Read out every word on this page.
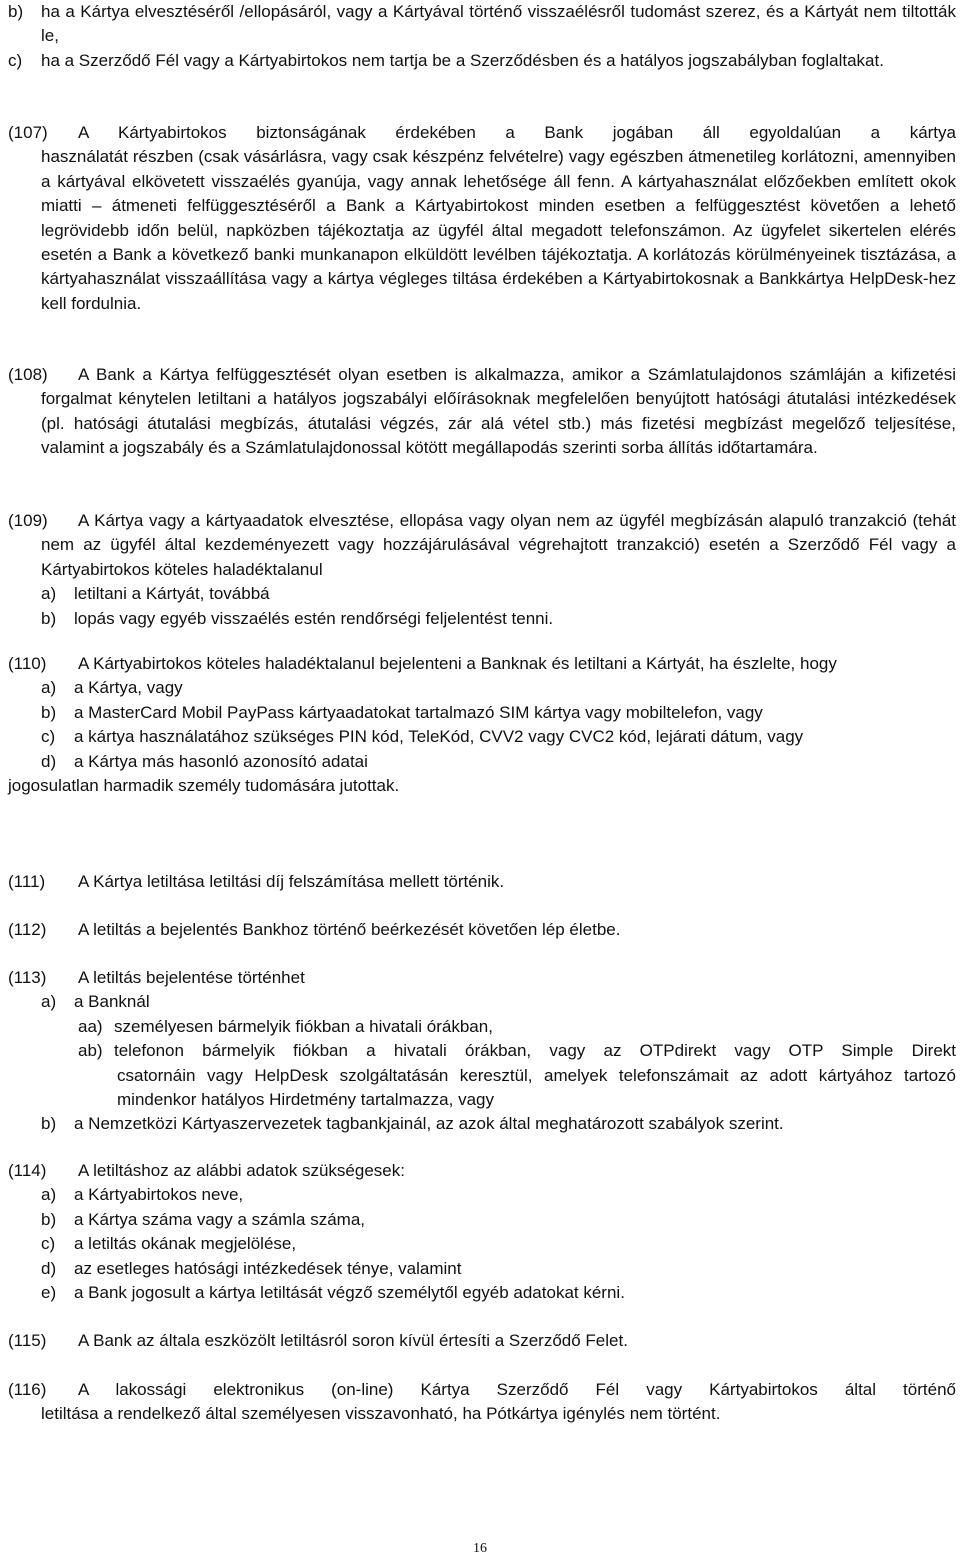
b)	ha a Kártya elvesztéséről /ellopásáról, vagy a Kártyával történő visszaélésről tudomást szerez, és a Kártyát nem tiltották le,
c)	ha a Szerződő Fél vagy a Kártyabirtokos nem tartja be a Szerződésben és a hatályos jogszabályban foglaltakat.
(107)	A Kártyabirtokos biztonságának érdekében a Bank jogában áll egyoldalúan a kártya
használatát részben (csak vásárlásra, vagy csak készpénz felvételre) vagy egészben átmenetileg korlátozni, amennyiben a kártyával elkövetett visszaélés gyanúja, vagy annak lehetősége áll fenn. A kártyahasználat előzőekben említett okok miatti – átmeneti felfüggesztéséről a Bank a Kártyabirtokost minden esetben a felfüggesztést követően a lehető legrövidebb időn belül, napközben tájékoztatja az ügyfél által megadott telefonszámon. Az ügyfelet sikertelen elérés esetén a Bank a következő banki munkanapon elküldött levélben tájékoztatja. A korlátozás körülményeinek tisztázása, a kártyahasználat visszaállítása vagy a kártya végleges tiltása érdekében a Kártyabirtokosnak a Bankkártya HelpDesk-hez kell fordulnia.
(108)	A Bank a Kártya felfüggesztését olyan esetben is alkalmazza, amikor a Számlatulajdonos számláján a kifizetési forgalmat kénytelen letiltani a hatályos jogszabályi előírásoknak megfelelően benyújtott hatósági átutalási intézkedések (pl. hatósági átutalási megbízás, átutalási végzés, zár alá vétel stb.) más fizetési megbízást megelőző teljesítése, valamint a jogszabály és a Számlatulajdonossal kötött megállapodás szerinti sorba állítás időtartamára.
(109)	A Kártya vagy a kártyaadatok elvesztése, ellopása vagy olyan nem az ügyfél megbízásán alapuló tranzakció (tehát nem az ügyfél által kezdeményezett vagy hozzájárulásával végrehajtott tranzakció) esetén a Szerződő Fél vagy a Kártyabirtokos köteles haladéktalanul
a)	letiltani a Kártyát, továbbá
b)	lopás vagy egyéb visszaélés estén rendőrségi feljelentést tenni.
(110)	A Kártyabirtokos köteles haladéktalanul bejelenteni a Banknak és letiltani a Kártyát, ha észlelte, hogy
a)	a Kártya, vagy
b)	a MasterCard Mobil PayPass kártyaadatokat tartalmazó SIM kártya vagy mobiltelefon, vagy
c)	a kártya használatához szükséges PIN kód, TeleKód, CVV2 vagy CVC2 kód, lejárati dátum, vagy
d)	a Kártya más hasonló azonosító adatai
jogosulatlan harmadik személy tudomására jutottak.
(111)	A Kártya letiltása letiltási díj felszámítása mellett történik.
(112)	A letiltás a bejelentés Bankhoz történő beérkezését követően lép életbe.
(113)	A letiltás bejelentése történhet
a)	a Banknál
aa) személyesen bármelyik fiókban a hivatali órákban,
ab) telefonon bármelyik fiókban a hivatali órákban, vagy az OTPdirekt vagy OTP Simple Direkt
csatornáin vagy HelpDesk szolgáltatásán keresztül, amelyek telefonszámait az adott kártyához tartozó mindenkor hatályos Hirdetmény tartalmazza, vagy
b)	a Nemzetközi Kártyaszervezetek tagbankjainál, az azok által meghatározott szabályok szerint.
(114)	A letiltáshoz az alábbi adatok szükségesek:
a)	a Kártyabirtokos neve,
b)	a Kártya száma vagy a számla száma,
c)	a letiltás okának megjelölése,
d)	az esetleges hatósági intézkedések ténye, valamint
e)	a Bank jogosult a kártya letiltását végző személytől egyéb adatokat kérni.
(115)	A Bank az általa eszközölt letiltásról soron kívül értesíti a Szerződő Felet.
(116)	A lakossági elektronikus (on-line) Kártya Szerződő Fél vagy Kártyabirtokos által történő
letiltása a rendelkező által személyesen visszavonható, ha Pótkártya igénylés nem történt.
16
